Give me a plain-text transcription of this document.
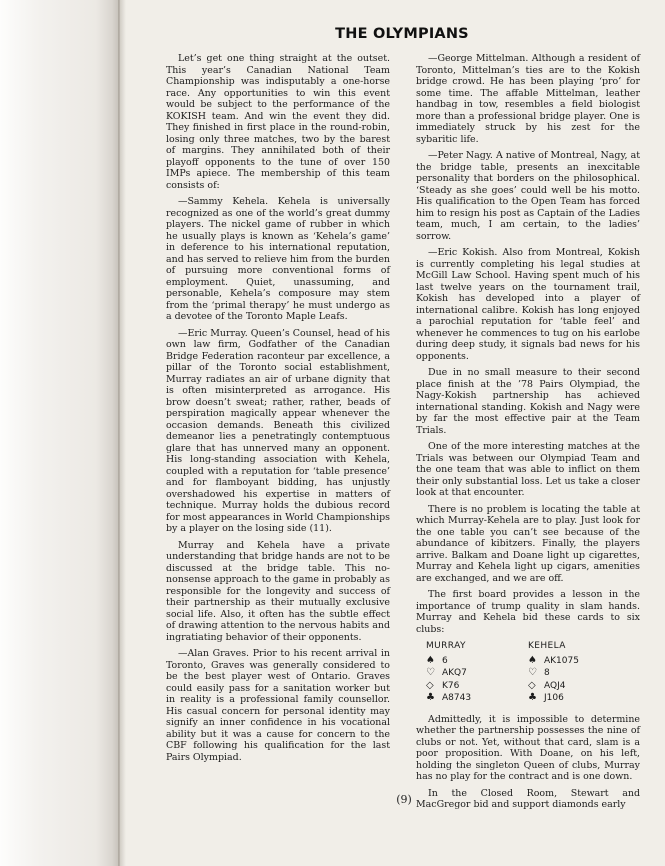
THE OLYMPIANS

Let’s get one thing straight at the outset. This year’s Canadian National Team Championship was indisputably a one-horse race. Any opportunities to win this event would be subject to the performance of the KOKISH team. And win the event they did. They finished in first place in the round-robin, losing only three matches, two by the barest of margins. They annihilated both of their playoff opponents to the tune of over 150 IMPs apiece. The membership of this team consists of:

—Sammy Kehela. Kehela is universally recognized as one of the world’s great dummy players. The nickel game of rubber in which he usually plays is known as ‘Kehela’s game’ in deference to his international reputation, and has served to relieve him from the burden of pursuing more conventional forms of employment. Quiet, unassuming, and personable, Kehela’s composure may stem from the ‘primal therapy’ he must undergo as a devotee of the Toronto Maple Leafs.

—Eric Murray. Queen’s Counsel, head of his own law firm, Godfather of the Canadian Bridge Federation raconteur par excellence, a pillar of the Toronto social establishment, Murray radiates an air of urbane dignity that is often misinterpreted as arrogance. His brow doesn’t sweat; rather, rather, beads of perspiration magically appear whenever the occasion demands. Beneath this civilized demeanor lies a penetratingly contemptuous glare that has unnerved many an opponent. His long-standing association with Kehela, coupled with a reputation for ‘table presence’ and for flamboyant bidding, has unjustly overshadowed his expertise in matters of technique. Murray holds the dubious record for most appearances in World Championships by a player on the losing side (11).

Murray and Kehela have a private understanding that bridge hands are not to be discussed at the bridge table. This no-nonsense approach to the game in probably as responsible for the longevity and success of their partnership as their mutually exclusive social life. Also, it often has the subtle effect of drawing attention to the nervous habits and ingratiating behavior of their opponents.

—Alan Graves. Prior to his recent arrival in Toronto, Graves was generally considered to be the best player west of Ontario. Graves could easily pass for a sanitation worker but in reality is a professional family counsellor. His casual concern for personal identity may signify an inner confidence in his vocational ability but it was a cause for concern to the CBF following his qualification for the last Pairs Olympiad.

—George Mittelman. Although a resident of Toronto, Mittelman’s ties are to the Kokish bridge crowd. He has been playing ‘pro’ for some time. The affable Mittelman, leather handbag in tow, resembles a field biologist more than a professional bridge player. One is immediately struck by his zest for the sybaritic life.

—Peter Nagy. A native of Montreal, Nagy, at the bridge table, presents an inexcitable personality that borders on the philosophical. ‘Steady as she goes’ could well be his motto. His qualification to the Open Team has forced him to resign his post as Captain of the Ladies team, much, I am certain, to the ladies’ sorrow.

—Eric Kokish. Also from Montreal, Kokish is currently completing his legal studies at McGill Law School. Having spent much of his last twelve years on the tournament trail, Kokish has developed into a player of international calibre. Kokish has long enjoyed a parochial reputation for ‘table feel’ and whenever he commences to tug on his earlobe during deep study, it signals bad news for his opponents.

Due in no small measure to their second place finish at the ’78 Pairs Olympiad, the Nagy-Kokish partnership has achieved international standing. Kokish and Nagy were by far the most effective pair at the Team Trials.

One of the more interesting matches at the Trials was between our Olympiad Team and the one team that was able to inflict on them their only substantial loss. Let us take a closer look at that encounter.

There is no problem is locating the table at which Murray-Kehela are to play. Just look for the one table you can’t see because of the abundance of kibitzers. Finally, the players arrive. Balkam and Doane light up cigarettes, Murray and Kehela light up cigars, amenities are exchanged, and we are off.

The first board provides a lesson in the importance of trump quality in slam hands. Murray and Kehela bid these cards to six clubs:

MURRAY
♠ 6
♡ AKQ7
◇ K76
♣ A8743
KEHELA
♠ AK1075
♡ 8
◇ AQJ4
♣ J106

Admittedly, it is impossible to determine whether the partnership possesses the nine of clubs or not. Yet, without that card, slam is a poor proposition. With Doane, on his left, holding the singleton Queen of clubs, Murray has no play for the contract and is one down.

In the Closed Room, Stewart and MacGregor bid and support diamonds early

(9)
